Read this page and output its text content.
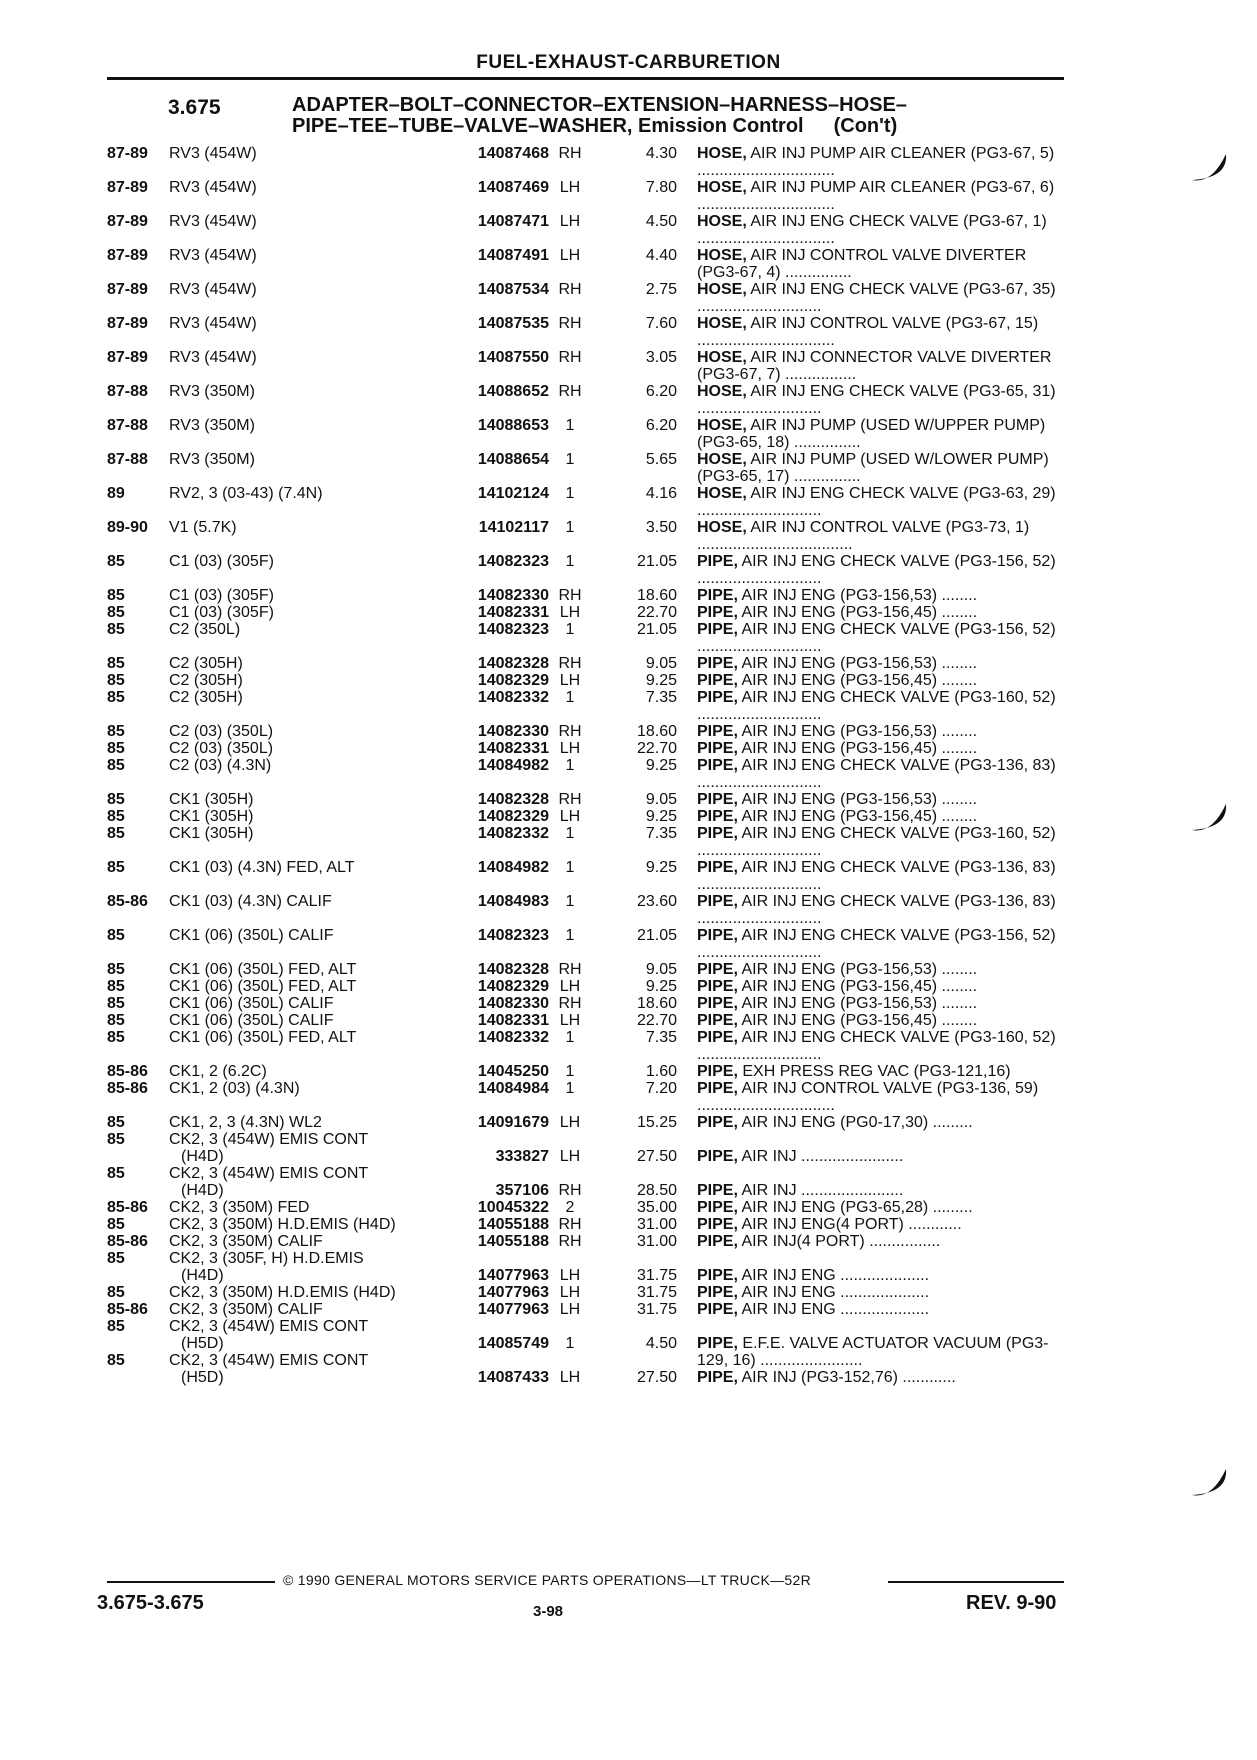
FUEL-EXHAUST-CARBURETION
3.675	ADAPTER–BOLT–CONNECTOR–EXTENSION–HARNESS–HOSE–
PIPE–TEE–TUBE–VALVE–WASHER, Emission Control (Con't)
87-89	RV3 (454W)	14087468 RH	4.30 HOSE, AIR INJ PUMP AIR CLEANER (PG3-67, 5) ...............................
87-89	RV3 (454W)	14087469 LH	7.80 HOSE, AIR INJ PUMP AIR CLEANER (PG3-67, 6) ...............................
87-89	RV3 (454W)	14087471 LH	4.50 HOSE, AIR INJ ENG CHECK VALVE (PG3-67, 1) ...............................
87-89	RV3 (454W)	14087491 LH	4.40 HOSE, AIR INJ CONTROL VALVE DIVERTER (PG3-67, 4) ...............
87-89	RV3 (454W)	14087534 RH	2.75 HOSE, AIR INJ ENG CHECK VALVE (PG3-67, 35) ............................
87-89	RV3 (454W)	14087535 RH	7.60 HOSE, AIR INJ CONTROL VALVE (PG3-67, 15) ...............................
87-89	RV3 (454W)	14087550 RH	3.05 HOSE, AIR INJ CONNECTOR VALVE DIVERTER (PG3-67, 7) ................
87-88	RV3 (350M)	14088652 RH	6.20 HOSE, AIR INJ ENG CHECK VALVE (PG3-65, 31) ............................
87-88	RV3 (350M)	14088653	1	6.20 HOSE, AIR INJ PUMP (USED W/UPPER PUMP) (PG3-65, 18) ...............
87-88	RV3 (350M)	14088654	1	5.65 HOSE, AIR INJ PUMP (USED W/LOWER PUMP) (PG3-65, 17) ...............
89	RV2, 3 (03-43) (7.4N)	14102124	1	4.16 HOSE, AIR INJ ENG CHECK VALVE (PG3-63, 29) ............................
89-90	V1 (5.7K)	14102117	1	3.50 HOSE, AIR INJ CONTROL VALVE (PG3-73, 1) ...................................
85	C1 (03) (305F)	14082323	1	21.05 PIPE, AIR INJ ENG CHECK VALVE (PG3-156, 52) ............................
85	C1 (03) (305F)	14082330 RH	18.60 PIPE, AIR INJ ENG (PG3-156,53) ........
85	C1 (03) (305F)	14082331 LH	22.70 PIPE, AIR INJ ENG (PG3-156,45) ........
85	C2 (350L)	14082323	1	21.05 PIPE, AIR INJ ENG CHECK VALVE (PG3-156, 52) ............................
85	C2 (305H)	14082328 RH	9.05 PIPE, AIR INJ ENG (PG3-156,53) ........
85	C2 (305H)	14082329 LH	9.25 PIPE, AIR INJ ENG (PG3-156,45) ........
85	C2 (305H)	14082332	1	7.35 PIPE, AIR INJ ENG CHECK VALVE (PG3-160, 52) ............................
85	C2 (03) (350L)	14082330 RH	18.60 PIPE, AIR INJ ENG (PG3-156,53) ........
85	C2 (03) (350L)	14082331 LH	22.70 PIPE, AIR INJ ENG (PG3-156,45) ........
85	C2 (03) (4.3N)	14084982	1	9.25 PIPE, AIR INJ ENG CHECK VALVE (PG3-136, 83) ............................
85	CK1 (305H)	14082328 RH	9.05 PIPE, AIR INJ ENG (PG3-156,53) ........
85	CK1 (305H)	14082329 LH	9.25 PIPE, AIR INJ ENG (PG3-156,45) ........
85	CK1 (305H)	14082332	1	7.35 PIPE, AIR INJ ENG CHECK VALVE (PG3-160, 52) ............................
85	CK1 (03) (4.3N) FED, ALT	14084982	1	9.25 PIPE, AIR INJ ENG CHECK VALVE (PG3-136, 83) ............................
85-86	CK1 (03) (4.3N) CALIF	14084983	1	23.60 PIPE, AIR INJ ENG CHECK VALVE (PG3-136, 83) ............................
85	CK1 (06) (350L) CALIF	14082323	1	21.05 PIPE, AIR INJ ENG CHECK VALVE (PG3-156, 52) ............................
85	CK1 (06) (350L) FED, ALT	14082328 RH	9.05 PIPE, AIR INJ ENG (PG3-156,53) ........
85	CK1 (06) (350L) FED, ALT	14082329 LH	9.25 PIPE, AIR INJ ENG (PG3-156,45) ........
85	CK1 (06) (350L) CALIF	14082330 RH	18.60 PIPE, AIR INJ ENG (PG3-156,53) ........
85	CK1 (06) (350L) CALIF	14082331 LH	22.70 PIPE, AIR INJ ENG (PG3-156,45) ........
85	CK1 (06) (350L) FED, ALT	14082332	1	7.35 PIPE, AIR INJ ENG CHECK VALVE (PG3-160, 52) ............................
85-86	CK1, 2 (6.2C)	14045250	1	1.60 PIPE, EXH PRESS REG VAC (PG3-121,16)
85-86	CK1, 2 (03) (4.3N)	14084984	1	7.20 PIPE, AIR INJ CONTROL VALVE (PG3-136, 59) ...............................
85	CK1, 2, 3 (4.3N) WL2	14091679 LH	15.25 PIPE, AIR INJ ENG (PG0-17,30) .........
85	CK2, 3 (454W) EMIS CONT
(H4D)	333827 LH	27.50 PIPE, AIR INJ .......................
85	CK2, 3 (454W) EMIS CONT
(H4D)	357106 RH	28.50 PIPE, AIR INJ .......................
85-86	CK2, 3 (350M) FED	10045322	2	35.00 PIPE, AIR INJ ENG (PG3-65,28) .........
85	CK2, 3 (350M) H.D.EMIS (H4D)	14055188 RH	31.00 PIPE, AIR INJ ENG(4 PORT) ............
85-86	CK2, 3 (350M) CALIF	14055188 RH	31.00 PIPE, AIR INJ(4 PORT) ................
85	CK2, 3 (305F, H) H.D.EMIS
(H4D)	14077963 LH	31.75 PIPE, AIR INJ ENG ....................
85	CK2, 3 (350M) H.D.EMIS (H4D)	14077963 LH	31.75 PIPE, AIR INJ ENG ....................
85-86	CK2, 3 (350M) CALIF	14077963 LH	31.75 PIPE, AIR INJ ENG ....................
85	CK2, 3 (454W) EMIS CONT
(H5D)	14085749	1	4.50 PIPE, E.F.E. VALVE ACTUATOR VACUUM (PG3-129, 16) .......................
85	CK2, 3 (454W) EMIS CONT
(H5D)	14087433 LH	27.50 PIPE, AIR INJ (PG3-152,76) ............
© 1990 GENERAL MOTORS SERVICE PARTS OPERATIONS—LT TRUCK—52R
3.675-3.675	3-98	REV. 9-90
